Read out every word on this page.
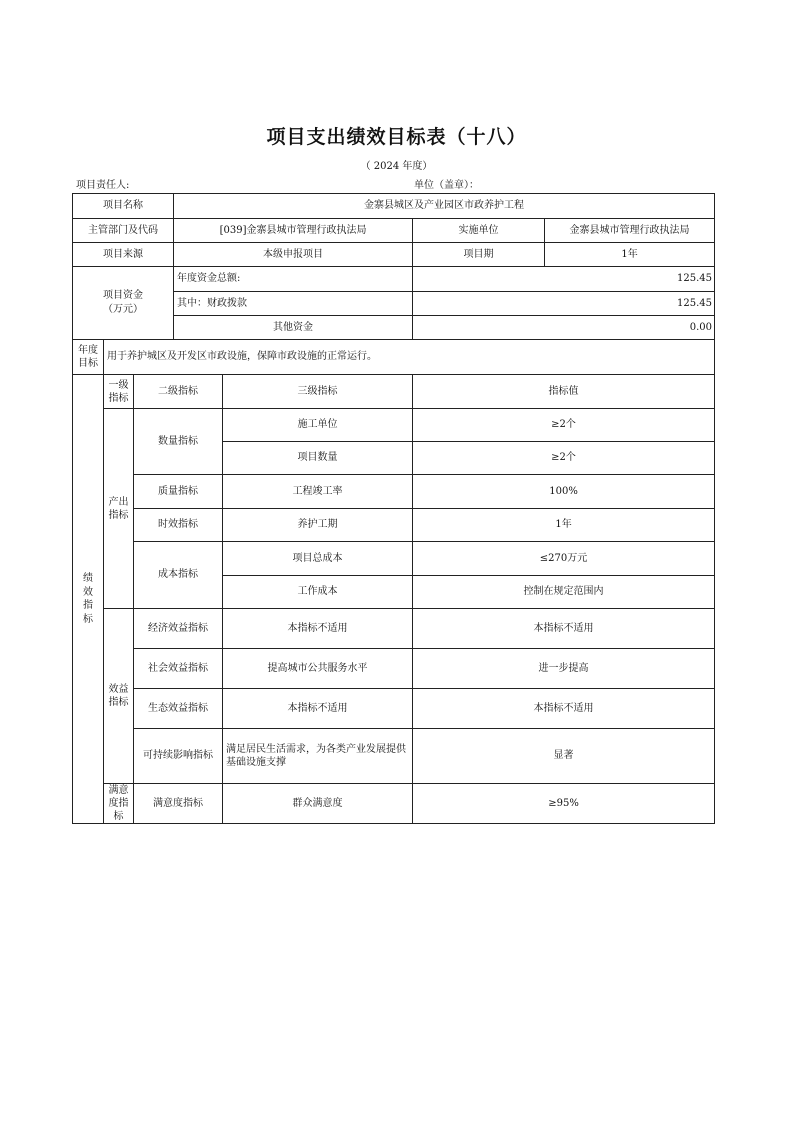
项目支出绩效目标表（十八）
（ 2024 年度）
项目责任人:	单位（盖章）：
项目名称			金寨县城区及产业园区市政养护工程			
主管部门及代码			[039]金寨县城市管理行政执法局		实施单位	金寨县城市管理行政执法局
项目来源			本级申报项目		项目期	1年

项目资金（万元）			年度资金总额:		125.45	
			其中：财政拨款		125.45	
			其他资金		0.00	

年度目标	用于养护城区及开发区市政设施，保障市政设施的正常运行。					

绩效指标	一级指标	二级指标		三级指标	指标值	

	产出指标	数量指标		施工单位	≥2个	
				项目数量	≥2个	
		质量指标		工程竣工率	100%	
		时效指标		养护工期	1年	
		成本指标		项目总成本	≤270万元	
				工作成本	控制在规定范围内	

	效益指标	经济效益指标		本指标不适用	本指标不适用	
		社会效益指标		提高城市公共服务水平	进一步提高	
		生态效益指标		本指标不适用	本指标不适用	
		可持续影响指标		满足居民生活需求，为各类产业发展提供基础设施支撑	显著	

	满意度指标	满意度指标		群众满意度	≥95%	
